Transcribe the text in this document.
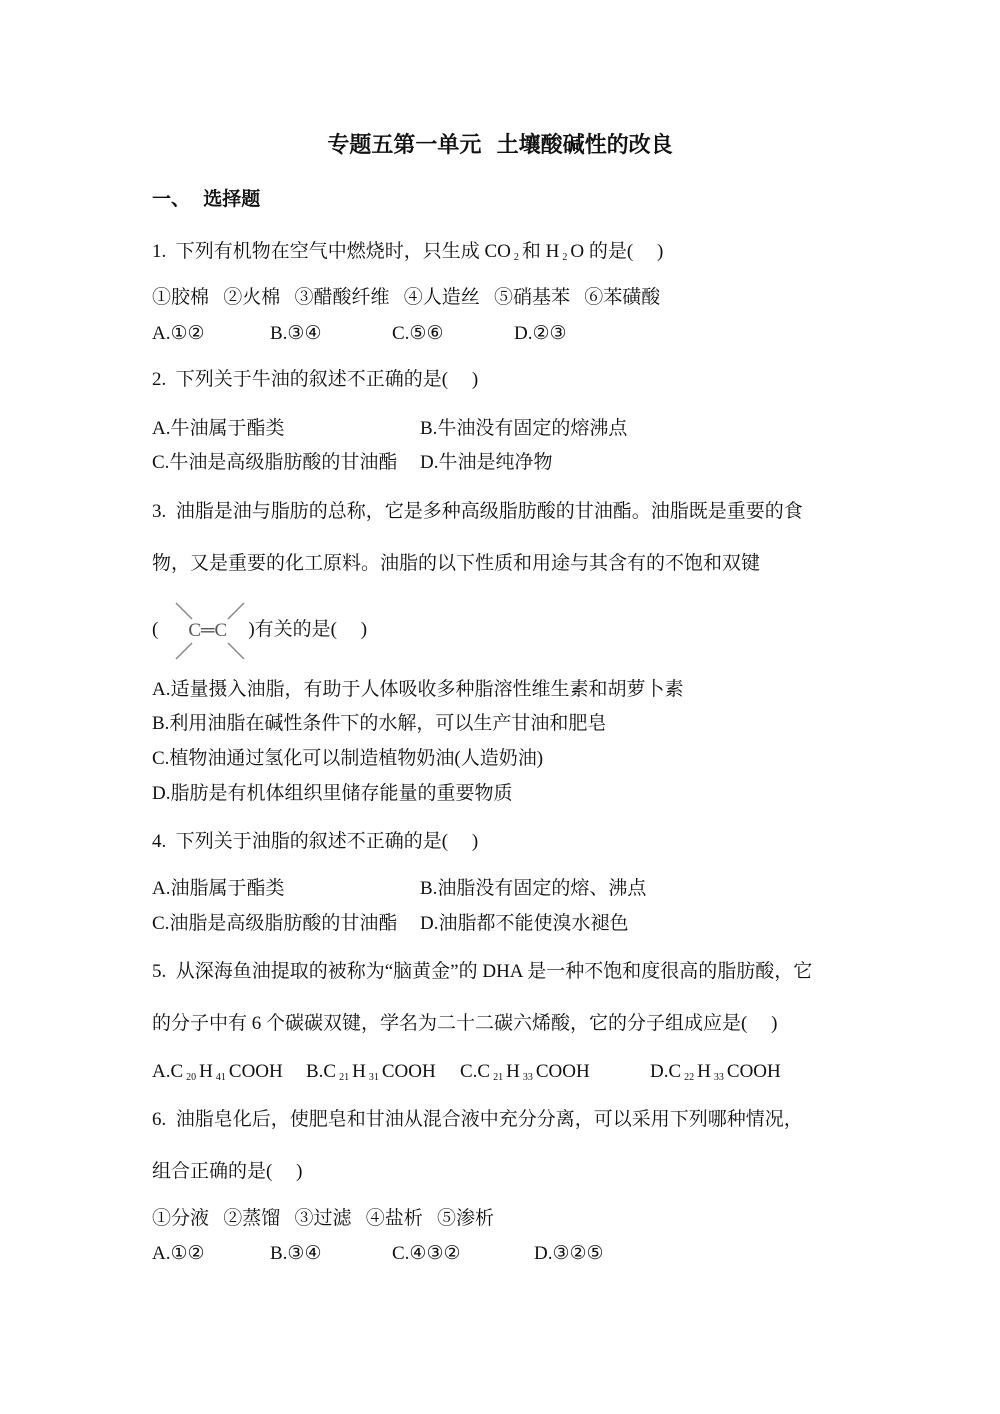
专题五第一单元  土壤酸碱性的改良
一、  选择题
1.  下列有机物在空气中燃烧时，只生成 CO $_2$ 和 H $_2$ O 的是(     )
①胶棉   ②火棉   ③醋酸纤维   ④人造丝   ⑤硝基苯   ⑥苯磺酸
A.①②	B.③④	C.⑤⑥	D.②③
2.  下列关于牛油的叙述不正确的是(     )
A.牛油属于酯类	B.牛油没有固定的熔沸点
C.牛油是高级脂肪酸的甘油酯	D.牛油是纯净物
3.  油脂是油与脂肪的总称，它是多种高级脂肪酸的甘油酯。油脂既是重要的食
物，又是重要的化工原料。油脂的以下性质和用途与其含有的不饱和双键
( C═C )有关的是(     )
A.适量摄入油脂，有助于人体吸收多种脂溶性维生素和胡萝卜素
B.利用油脂在碱性条件下的水解，可以生产甘油和肥皂
C.植物油通过氢化可以制造植物奶油(人造奶油)
D.脂肪是有机体组织里储存能量的重要物质
4.  下列关于油脂的叙述不正确的是(     )
A.油脂属于酯类	B.油脂没有固定的熔、沸点
C.油脂是高级脂肪酸的甘油酯	D.油脂都不能使溴水褪色
5.  从深海鱼油提取的被称为“脑黄金”的 DHA 是一种不饱和度很高的脂肪酸，它
的分子中有 6 个碳碳双键，学名为二十二碳六烯酸，它的分子组成应是(     )
A.C $_{20}$ H $_{41}$ COOH	B.C $_{21}$ H $_{31}$ COOH	C.C $_{21}$ H $_{33}$ COOH	D.C $_{22}$ H $_{33}$ COOH
6.  油脂皂化后，使肥皂和甘油从混合液中充分分离，可以采用下列哪种情况，
组合正确的是(     )
①分液   ②蒸馏   ③过滤   ④盐析   ⑤渗析
A.①②	B.③④	C.④③②	D.③②⑤
